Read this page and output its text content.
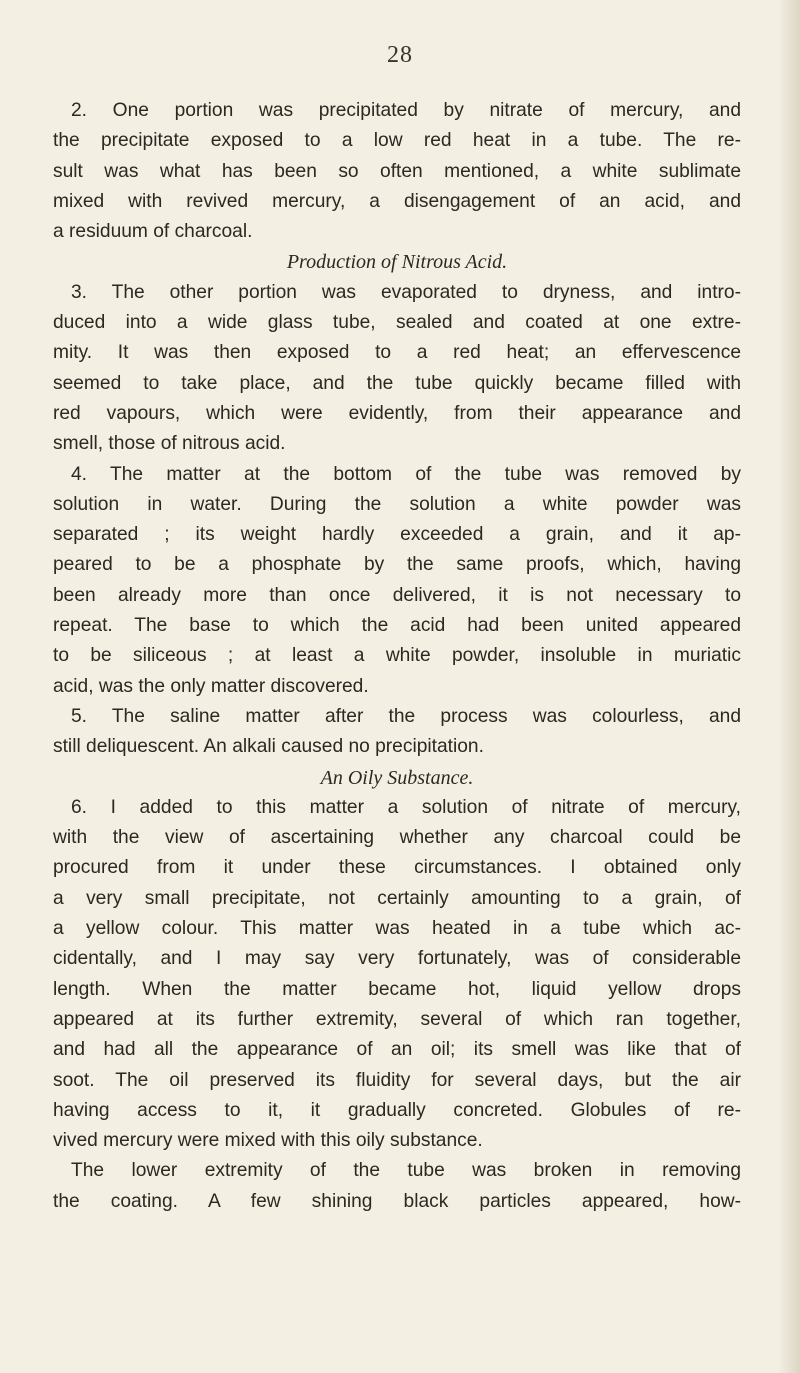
28
2. One portion was precipitated by nitrate of mercury, and
the precipitate exposed to a low red heat in a tube. The re-
sult was what has been so often mentioned, a white sublimate
mixed with revived mercury, a disengagement of an acid, and
a residuum of charcoal.
Production of Nitrous Acid.
3. The other portion was evaporated to dryness, and intro-
duced into a wide glass tube, sealed and coated at one extre-
mity. It was then exposed to a red heat; an effervescence
seemed to take place, and the tube quickly became filled with
red vapours, which were evidently, from their appearance and
smell, those of nitrous acid.
4. The matter at the bottom of the tube was removed by
solution in water. During the solution a white powder was
separated ; its weight hardly exceeded a grain, and it ap-
peared to be a phosphate by the same proofs, which, having
been already more than once delivered, it is not necessary to
repeat. The base to which the acid had been united appeared
to be siliceous ; at least a white powder, insoluble in muriatic
acid, was the only matter discovered.
5. The saline matter after the process was colourless, and
still deliquescent. An alkali caused no precipitation.
An Oily Substance.
6. I added to this matter a solution of nitrate of mercury,
with the view of ascertaining whether any charcoal could be
procured from it under these circumstances. I obtained only
a very small precipitate, not certainly amounting to a grain, of
a yellow colour. This matter was heated in a tube which ac-
cidentally, and I may say very fortunately, was of considerable
length. When the matter became hot, liquid yellow drops
appeared at its further extremity, several of which ran together,
and had all the appearance of an oil; its smell was like that of
soot. The oil preserved its fluidity for several days, but the air
having access to it, it gradually concreted. Globules of re-
vived mercury were mixed with this oily substance.
The lower extremity of the tube was broken in removing
the coating. A few shining black particles appeared, how-
